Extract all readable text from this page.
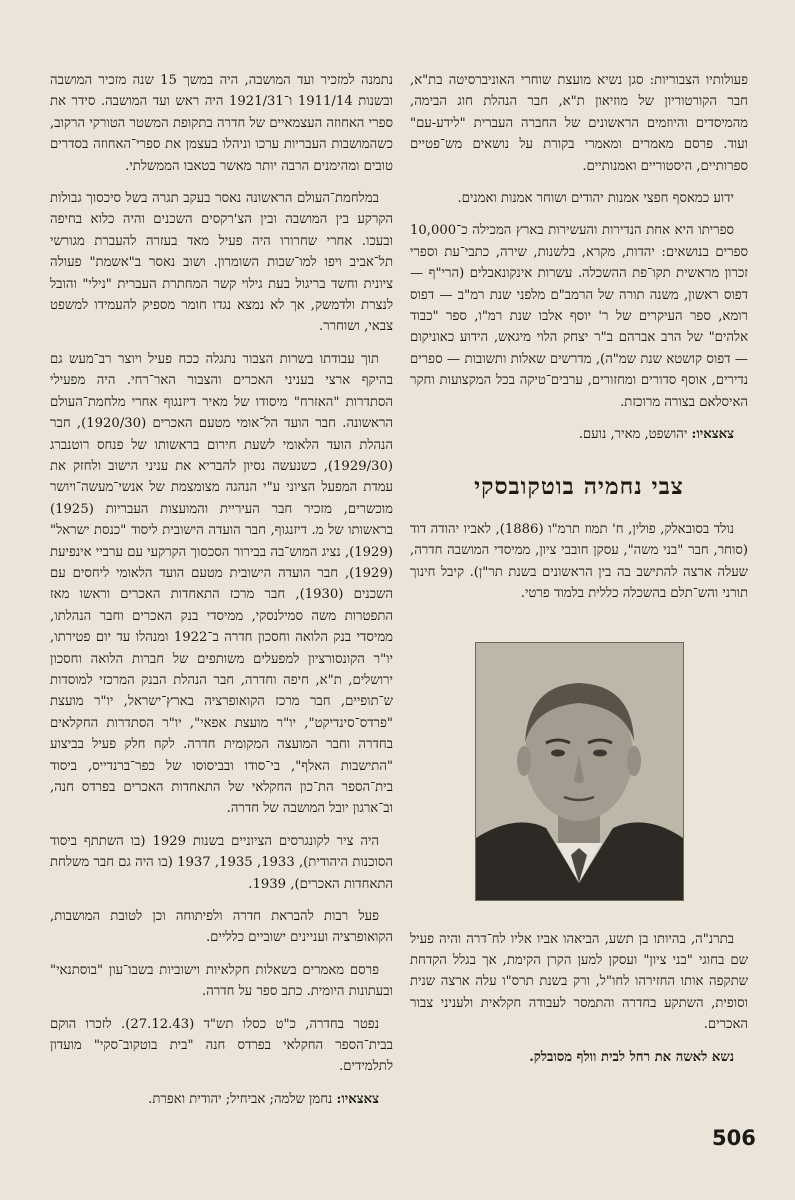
פעולותיו הצבוריות: סגן נשיא מועצת שוחרי האוניברסיטה בת"א, חבר הקורטוריון של מוזיאון ת"א, חבר הנהלת חוג הבימה, מהמיסדים והיוזמים הראשונים של החברה העברית "לידע-עם" ועוד. פרסם מאמרים ומאמרי בקורת על נושאים מש־פטיים ספרותיים, היסטוריים ואמנותיים.

ידוע כמאסף חפצי אמנות יהודים ושוחר אמנות ואמנים.

ספריתו היא אחת הנדירות והעשירות בארץ המכילה כ־10,000 ספרים בנושאים: יהדות, מקרא, בלשנות, שירה, כתבי־עת וספרי זכרון מראשית תקו־פת ההשכלה. עשרות אינקונאבלים (הרי"ף — דפוס ראשון, משנה תורה של הרמב"ם מלפני שנת רמ"ב — דפוס רומא, ספר העיקרים של ר' יוסף אלבו שנת רמ"ו, ספר "כבוד אלהים" של הרב אברהם ב"ר יצחק הלוי מיגאש, הידוע כאוניקום — דפוס קושטא שנת שמ"ה), מדרשים שאלות ותשובות — ספרים נדירים, אוסף סדורים ומחזורים, ערבים־טיקה בכל המקצועות וחקר האיסלאם בצורה מרוכזת.

צאצאיו: יהושפט, מאיר, נועם.

צבי נחמיה בוטקובסקי

נולד בסובאלק, פולין, ח' תמוז תרמ"ו (1886), לאביו יהודה דוד (סוחר, חבר "בני משה", עסקן חובבי ציון, ממיסדי המושבה חדרה, שעלה ארצה להתישב בה בין הראשונים בשנת תר"ן). קיבל חינוך תורני והש־תלם בהשכלה כללית בלמוד פרטי.

בתרנ"ה, בהיותו בן תשע, הביאהו אביו אליו לח־דרה והיה פעיל שם בחוגי "בני ציון" ועסקן למען הקרן הקימת, אך בגלל הקדחת שתקפה אותו החזירהו לחו"ל, ורק בשנת תרס"ו עלה ארצה שנית וסופית, השתקע בחדרה והתמסר לעבודה חקלאית ולעניני צבור האכרים.

נשא לאשה את רחל לבית וולף מסובלק.

נתמנה למזכיר ועד המושבה, היה במשך 15 שנה מזכיר המושבה ובשנות 1911/14 ו־1921/31 היה ראש ועד המושבה. סידר את ספרי האחוזה העצמאיים של חדרה בתקופת המשטר הטורקי הרקוב, כשהמושבות העבריות ערכו וניהלו בעצמן את ספרי־האחוזה בסדרים טובים ומהימנים הרבה יותר מאשר בטאבו הממשלתי.

במלחמת־העולם הראשונה נאסר בעקב תגרה בשל סיכסוך גבולות הקרקע בין המושבה ובין הצ'רקסים השכנים והיה כלוא בחיפה ובעכו. אחרי שחרורו היה פעיל מאד בעזרה להעברת מגורשי תל־אביב ויפו למו־שבות השומרון. ושוב נאסר ב"אשמת" פעולה ציונית וחשד בריגול בעת גילוי קשר המחתרת העברית "נילי" והובל לנצרת ולדמשק, אך לא נמצא נגדו חומר מספיק להעמידו למשפט צבאי, ושוחרר.

תוך עבודתו בשרות הצבור נתגלה ככח פעיל ויוצר רב־מעש גם בהיקף ארצי בעניני האכרים והצבור האר־רחי. היה מפעילי הסתדרות "האזרח" מיסודו של מאיר דיזנגוף אחרי מלחמת־העולם הראשונה. חבר הועד הל־אומי מטעם האכרים (1920/30), חבר הנהלת הועד הלאומי לשעת חירום בראשותו של פנחס רוטנברג (1929/30), כשנעשה נסיון להבריא את עניני הישוב ולחזק את עמדת המפעל הציוני ע"י הנהגה מצומצמת של אנשי־מעשה־ויושר מוכשרים, מזכיר חבר העיריית והמועצות העבריות (1925) בראשותו של מ. דיזנגוף, חבר הועדה הישובית ליסוד "כנסת ישראל" (1929), נציג המוש־בה בבירור הסכסוך הקרקעי עם ערביי אינפיעת (1929), חבר הועדה הישובית מטעם הועד הלאומי ליחסים עם השכנים (1930), חבר מרכז התאחדות האכרים וראשו מאז התפטרות משה סמילנסקי, ממיסדי בנק האכרים וחבר הנהלתו, ממיסדי בנק הלואה וחסכון חדרה ב־1922 ומנהלו עד יום פטירתו, יו"ר הקונסורציון למפעלים משותפים של חברות הלואה וחסכון ירושלים, ת"א, חיפה וחדרה, חבר הנהלת הבנק המרכזי למוסדות ש־תופיים, חבר מרכז הקואופרציה בארץ־ישראל, יו"ר מועצת "פרדס־סינדיקט", יו"ר מועצת אפאי", יו"ר הסתדרות החקלאים בחדרה וחבר המועצה המקומית חדרה. לקח חלק פעיל בביצוע "התישבות האלף", בי־סודו ובביסוסו של כפר־ברנדייס, ביסוד בית־הספר הת־כון החקלאי של התאחדות האכרים בפרדס חנה, וב־ארגון יובל המושבה של חדרה.

היה ציר לקונגרסים הציוניים בשנות 1929 (בו השתתף ביסוד הסוכנות היהודית), 1933, 1935, 1937 (בו היה גם חבר משלחת התאחדות האכרים), 1939.

פעל רבות להבראת חדרה ולפיתוחה וכן לטובת המושבות, הקואופרציה ועניינים ישוביים כלליים.

פרסם מאמרים בשאלות חקלאיות וישוביות בשבו־עון "בוסתנאי" ובעתונות היומית. כתב ספר על חדרה.

נפטר בחדרה, כ"ט כסלו תש"ד (27.12.43). לזכרו הוקם בבית־הספר החקלאי בפרדס חנה "בית בוטקוב־סקי" מועדון לתלמידים.

צאצאיו: נחמן שלמה; אביחיל; יהודית ואפרת.

506
